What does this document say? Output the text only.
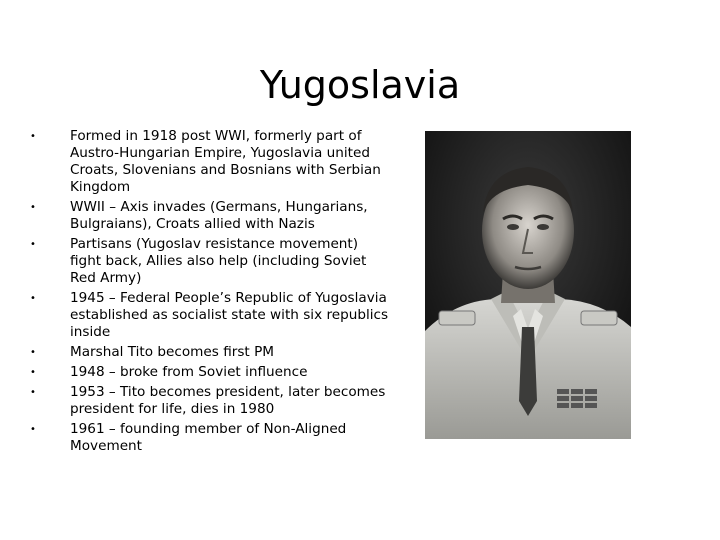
Yugoslavia
•	Formed in 1918 post WWI, formerly part of Austro-Hungarian Empire, Yugoslavia united Croats, Slovenians and Bosnians with Serbian Kingdom
•	WWII – Axis invades (Germans, Hungarians, Bulgraians), Croats allied with Nazis
•	Partisans (Yugoslav resistance movement) fight back, Allies also help (including Soviet Red Army)
•	1945 – Federal People’s Republic of Yugoslavia established as socialist state with six republics inside
•	Marshal Tito becomes first PM
•	1948 – broke from Soviet influence
•	1953 – Tito becomes president, later becomes president for life, dies in 1980
•	1961 – founding member of Non-Aligned Movement
